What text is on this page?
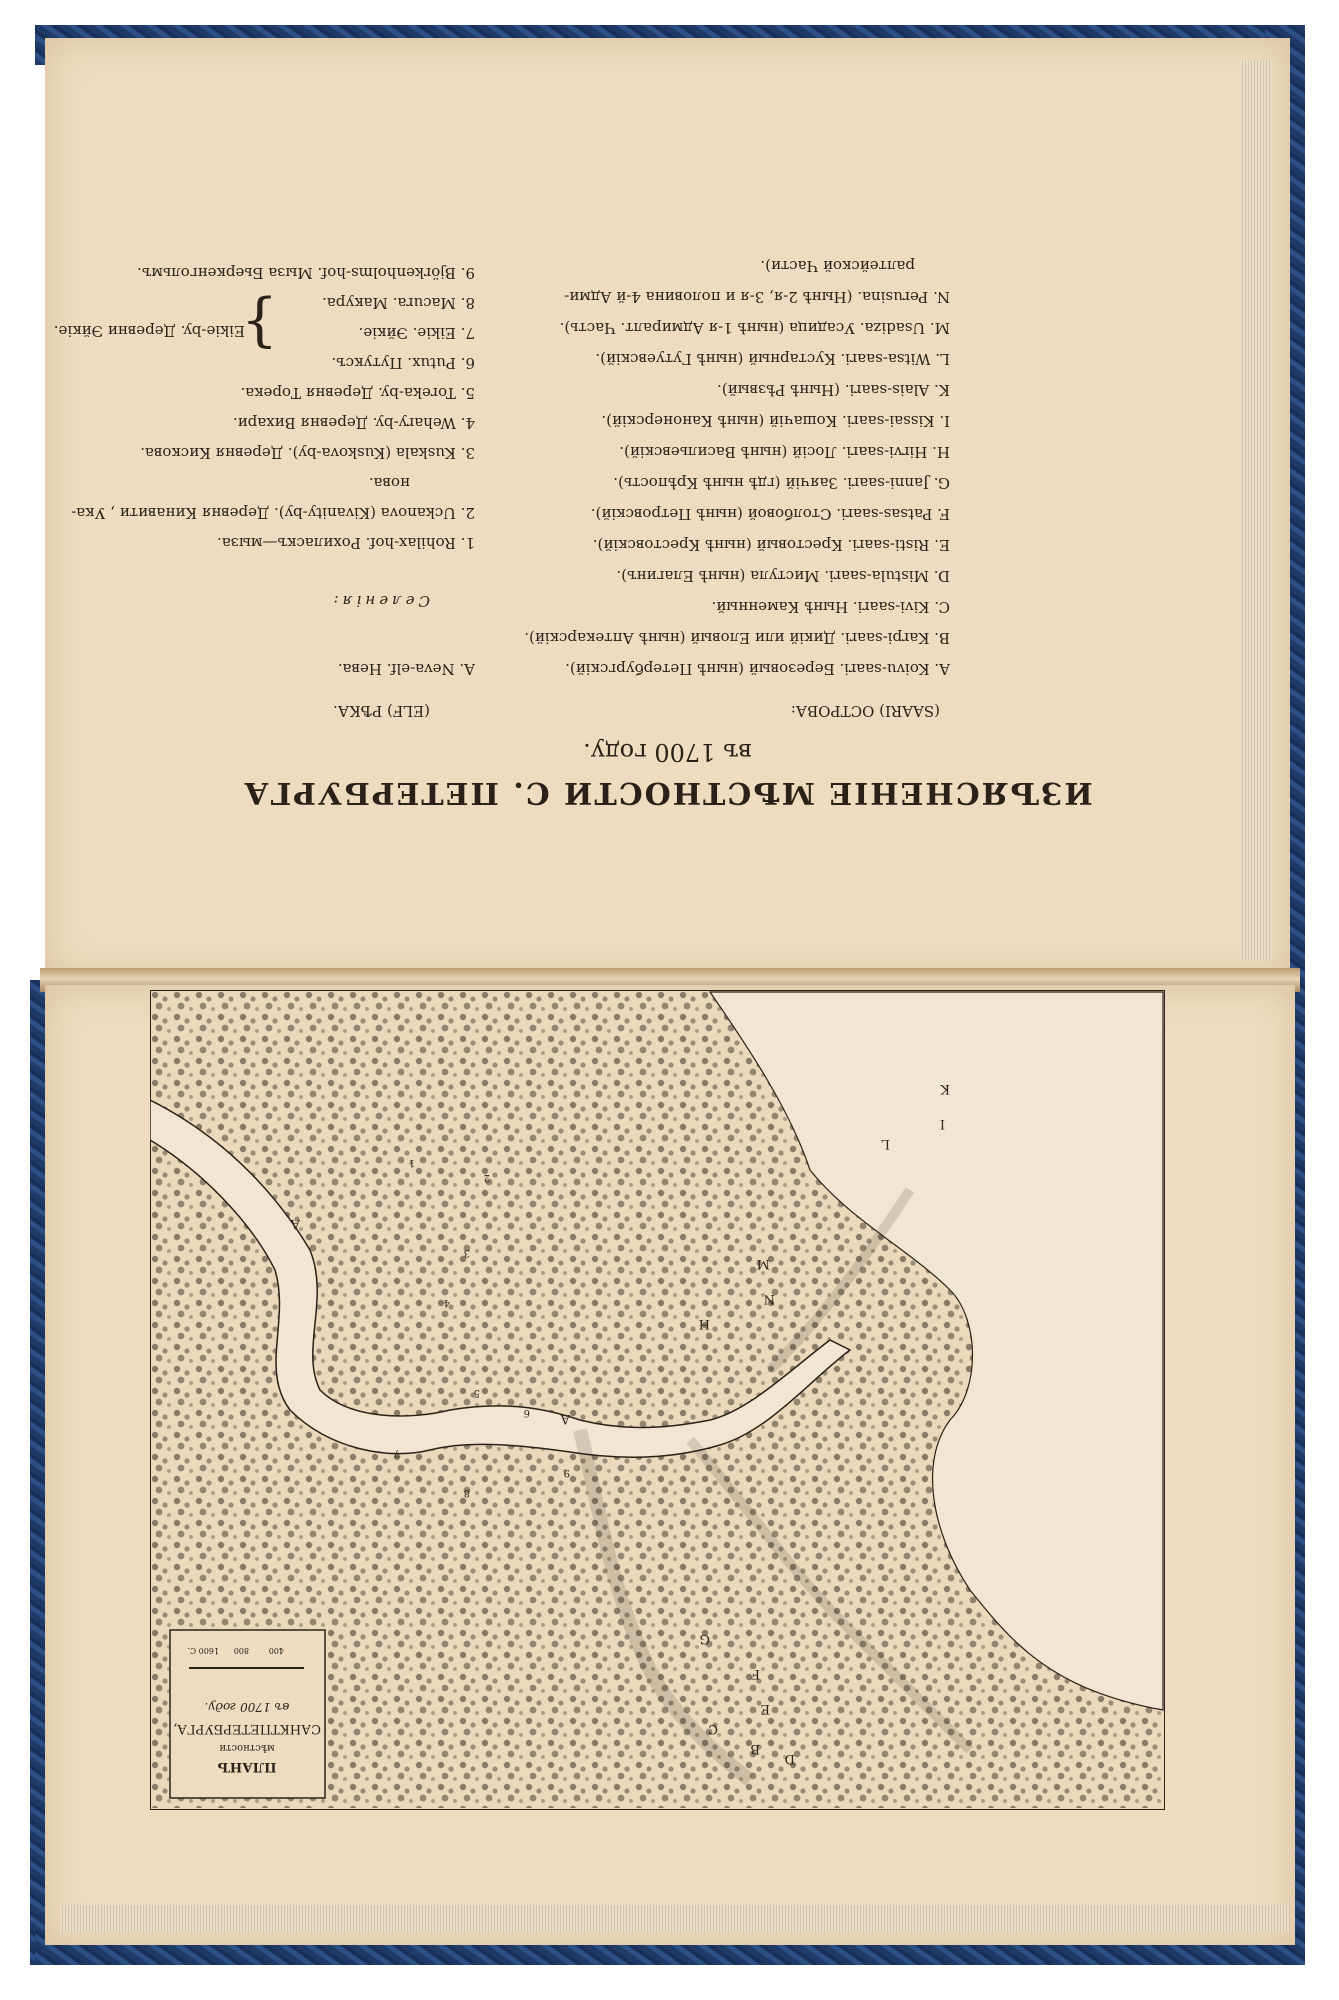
ИЗЪЯСНЕНІЕ МѢСТНОСТИ С. ПЕТЕРБУРГА
въ 1700 году.
(SAARI) ОСТРОВА:
(ELF) РѢКА.
A. Koivu-saari. Березовый (нынѣ Петербургскій).
B. Karpi-saari. Дикій или Еловый (нынѣ Аптекарскій).
C. Kivi-saari. Нынѣ Каменный.
D. Mistula-saari. Мистула (нынѣ Елагинъ).
E. Risti-saari. Крестовый (нынѣ Крестовскій).
F. Patsas-saari. Столбовой (нынѣ Петровскій).
G. Janni-saari. Заячій (гдѣ нынѣ Крѣпость).
H. Hirvi-saari. Лосій (нынѣ Васильевскій).
I. Kissai-saari. Кошачій (нынѣ Канонерскій).
K. Alais-saari. (Нынѣ Рѣзвый).
L. Witsa-saari. Кустарный (нынѣ Гутуевскій).
M. Usadiza. Усадица (нынѣ 1-я Адмиралт. Часть).
N. Perusina. (Нынѣ 2-я, 3-я и половина 4-й Адми-
ралтейской Части).
A. Neva-elf. Нева.
Селенія:
1. Rohilax-hof. Рохиласкъ—мыза.
2. Uckanova (Kivanity-by). Деревня Кинавити , Укa-
нова.
3. Kuskala (Kuskova-by). Деревня Кисковa.
4. Wehary-by. Деревня Вихари.
5. Toreka-by. Деревня Торека.
6. Putux. Путуксъ.
7. Eikie. Эйкie.
8. Macura. Макура.
9. Björkenholms-hof. Мыза Бьеркенгольмъ.
}
Eikie-by. Деревни Эйкie.
A
A
B
C
D
E
F
G
H
I
K
L
M
N
1
2
3
4
5
6
7
8
9
ПЛАНЪ
мѣстности
САНКТПЕТЕРБУРГА,
въ 1700 году.
400
800
1600 С.
